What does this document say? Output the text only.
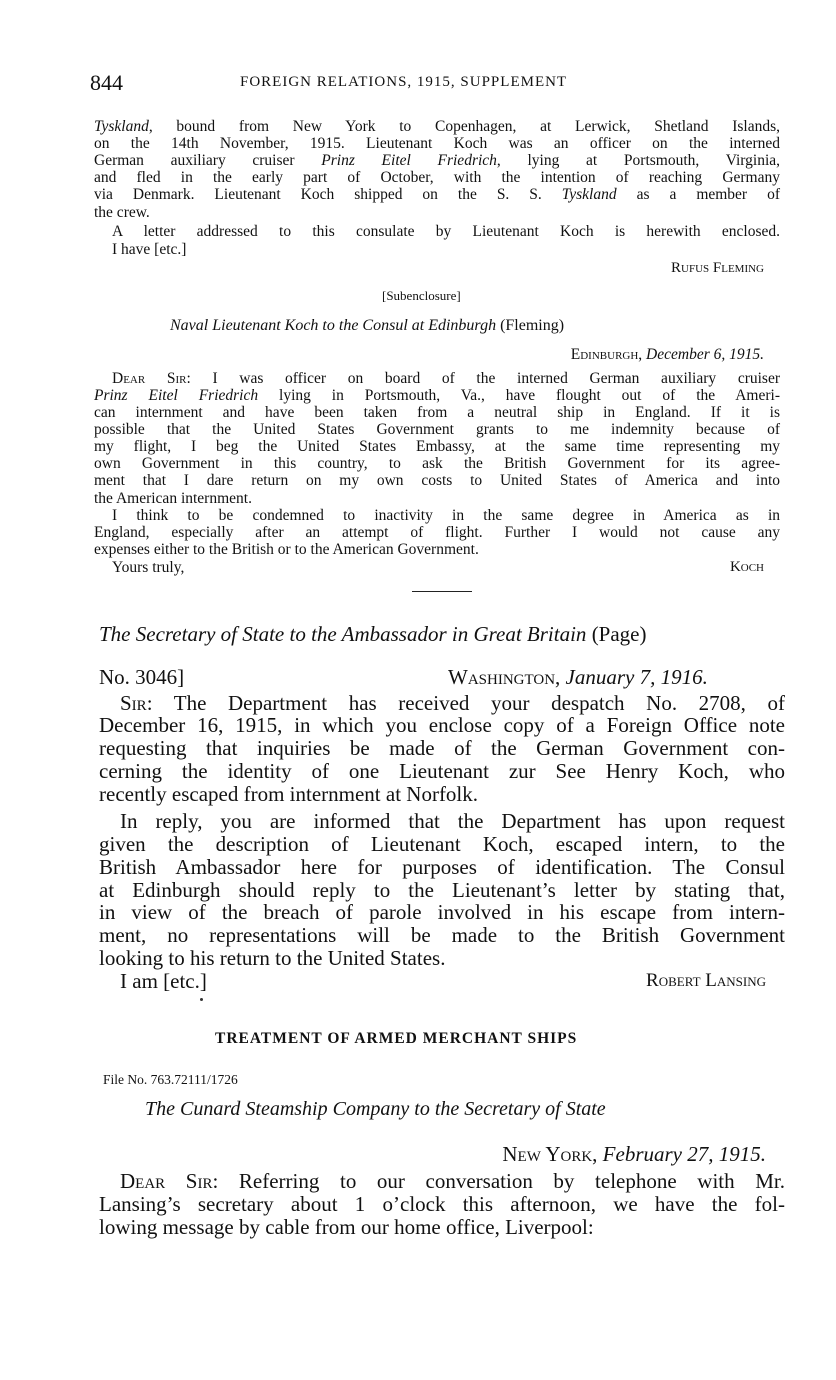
844	FOREIGN RELATIONS, 1915, SUPPLEMENT
Tyskland, bound from New York to Copenhagen, at Lerwick, Shetland Islands,
on the 14th November, 1915. Lieutenant Koch was an officer on the interned
German auxiliary cruiser Prinz Eitel Friedrich, lying at Portsmouth, Virginia,
and fled in the early part of October, with the intention of reaching Germany
via Denmark. Lieutenant Koch shipped on the S. S. Tyskland as a member of
the crew.
A letter addressed to this consulate by Lieutenant Koch is herewith enclosed.
I have [etc.]
Rufus Fleming
[Subenclosure]
Naval Lieutenant Koch to the Consul at Edinburgh (Fleming)
Edinburgh, December 6, 1915.
Dear Sir: I was officer on board of the interned German auxiliary cruiser
Prinz Eitel Friedrich lying in Portsmouth, Va., have flought out of the Ameri-
can internment and have been taken from a neutral ship in England. If it is
possible that the United States Government grants to me indemnity because of
my flight, I beg the United States Embassy, at the same time representing my
own Government in this country, to ask the British Government for its agree-
ment that I dare return on my own costs to United States of America and into
the American internment.
I think to be condemned to inactivity in the same degree in America as in
England, especially after an attempt of flight. Further I would not cause any
expenses either to the British or to the American Government.
Yours truly,	Koch
The Secretary of State to the Ambassador in Great Britain (Page)
No. 3046]	Washington, January 7, 1916.
Sir: The Department has received your despatch No. 2708, of
December 16, 1915, in which you enclose copy of a Foreign Office note
requesting that inquiries be made of the German Government con-
cerning the identity of one Lieutenant zur See Henry Koch, who
recently escaped from internment at Norfolk.
In reply, you are informed that the Department has upon request
given the description of Lieutenant Koch, escaped intern, to the
British Ambassador here for purposes of identification. The Consul
at Edinburgh should reply to the Lieutenant’s letter by stating that,
in view of the breach of parole involved in his escape from intern-
ment, no representations will be made to the British Government
looking to his return to the United States.
I am [etc.]	Robert Lansing
TREATMENT OF ARMED MERCHANT SHIPS
File No. 763.72111/1726
The Cunard Steamship Company to the Secretary of State
New York, February 27, 1915.
Dear Sir: Referring to our conversation by telephone with Mr.
Lansing’s secretary about 1 o’clock this afternoon, we have the fol-
lowing message by cable from our home office, Liverpool:
